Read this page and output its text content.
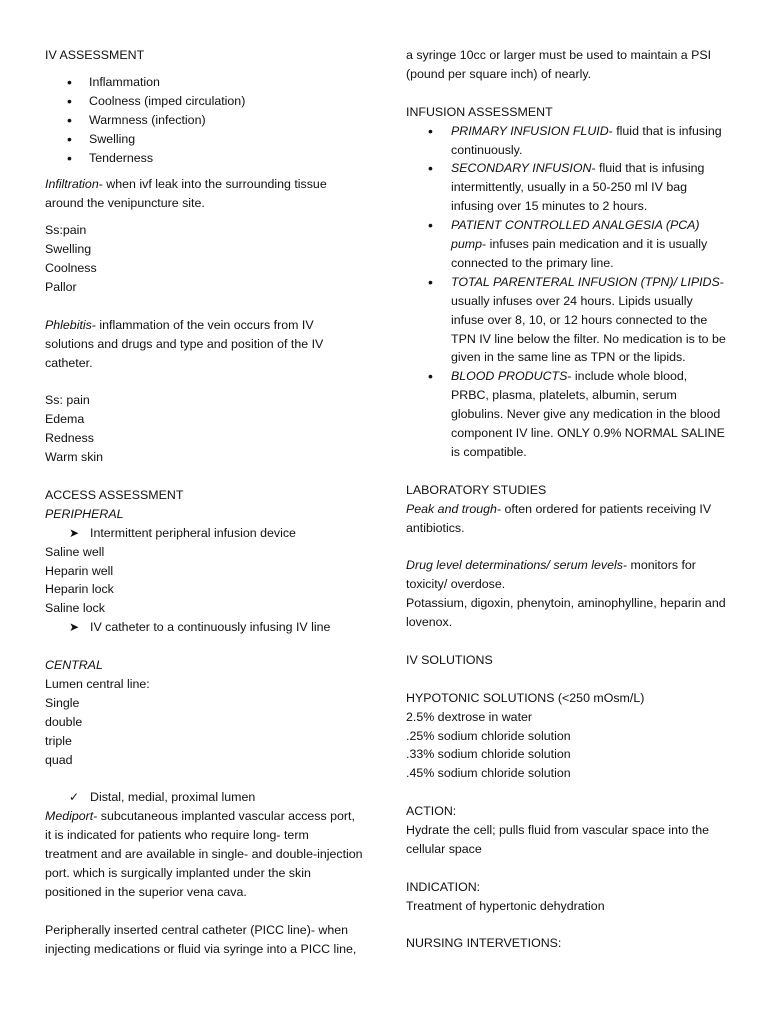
IV ASSESSMENT

• Inflammation
• Coolness (imped circulation)
• Warmness (infection)
• Swelling
• Tenderness

Infiltration- when ivf leak into the surrounding tissue around the venipuncture site.

Ss:pain

Swelling

Coolness

Pallor

Phlebitis- inflammation of the vein occurs from IV solutions and drugs and type and position of the IV catheter.

Ss: pain

Edema

Redness

Warm skin

ACCESS ASSESSMENT

PERIPHERAL

➤ Intermittent peripheral infusion device

Saline well

Heparin well

Heparin lock

Saline lock

➤ IV catheter to a continuously infusing IV line

CENTRAL

Lumen central line:

Single

double

triple

quad

✓ Distal, medial, proximal lumen

Mediport- subcutaneous implanted vascular access port, it is indicated for patients who require long- term treatment and are available in single- and double-injection port. which is surgically implanted under the skin positioned in the superior vena cava.

Peripherally inserted central catheter (PICC line)- when injecting medications or fluid via syringe into a PICC line,

a syringe 10cc or larger must be used to maintain a PSI (pound per square inch) of nearly.

INFUSION ASSESSMENT

• PRIMARY INFUSION FLUID- fluid that is infusing continuously.
• SECONDARY INFUSION- fluid that is infusing intermittently, usually in a 50-250 ml IV bag infusing over 15 minutes to 2 hours.
• PATIENT CONTROLLED ANALGESIA (PCA) pump- infuses pain medication and it is usually connected to the primary line.
• TOTAL PARENTERAL INFUSION (TPN)/ LIPIDS- usually infuses over 24 hours. Lipids usually infuse over 8, 10, or 12 hours connected to the TPN IV line below the filter. No medication is to be given in the same line as TPN or the lipids.
• BLOOD PRODUCTS- include whole blood, PRBC, plasma, platelets, albumin, serum globulins. Never give any medication in the blood component IV line. ONLY 0.9% NORMAL SALINE is compatible.

LABORATORY STUDIES

Peak and trough- often ordered for patients receiving IV antibiotics.

Drug level determinations/ serum levels- monitors for toxicity/ overdose.

Potassium, digoxin, phenytoin, aminophylline, heparin and lovenox.

IV SOLUTIONS

HYPOTONIC SOLUTIONS (<250 mOsm/L)

2.5% dextrose in water

.25% sodium chloride solution

.33% sodium chloride solution

.45% sodium chloride solution

ACTION:

Hydrate the cell; pulls fluid from vascular space into the cellular space

INDICATION:

Treatment of hypertonic dehydration

NURSING INTERVETIONS:
